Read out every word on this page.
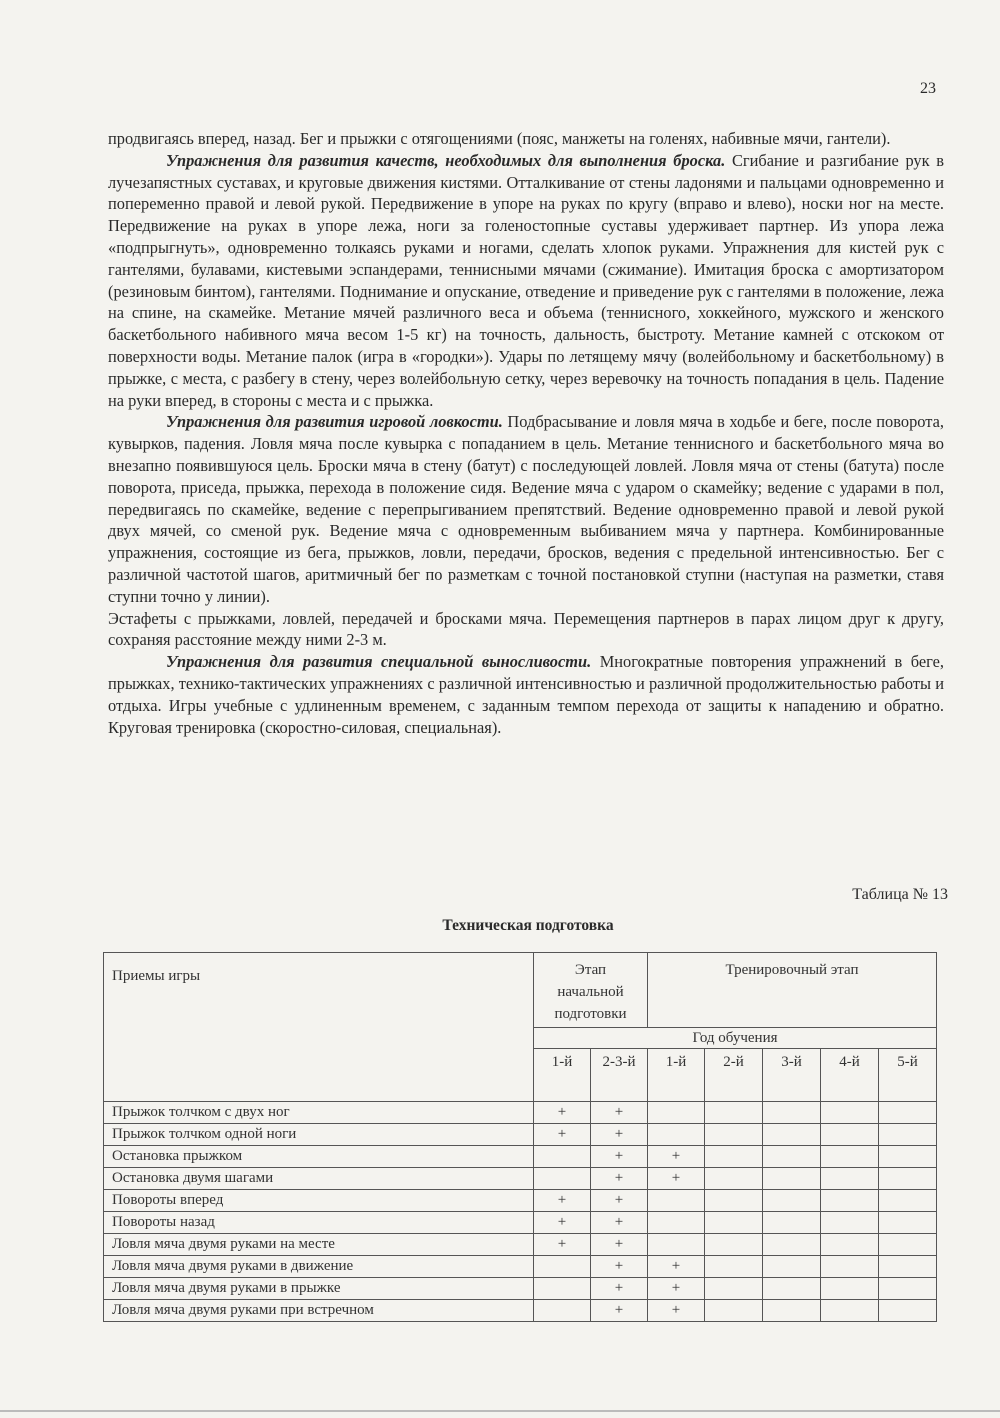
23

продвигаясь вперед, назад. Бег и прыжки с отягощениями (пояс, манжеты на голенях, набивные мячи, гантели).

Упражнения для развития качеств, необходимых для выполнения броска. Сгибание и разгибание рук в лучезапястных суставах, и круговые движения кистями. Отталкивание от стены ладонями и пальцами одновременно и попеременно правой и левой рукой. Передвижение в упоре на руках по кругу (вправо и влево), носки ног на месте. Передвижение на руках в упоре лежа, ноги за голеностопные суставы удерживает партнер. Из упора лежа «подпрыгнуть», одновременно толкаясь руками и ногами, сделать хлопок руками. Упражнения для кистей рук с гантелями, булавами, кистевыми эспандерами, теннисными мячами (сжимание). Имитация броска с амортизатором (резиновым бинтом), гантелями. Поднимание и опускание, отведение и приведение рук с гантелями в положение, лежа на спине, на скамейке. Метание мячей различного веса и объема (теннисного, хоккейного, мужского и женского баскетбольного набивного мяча весом 1-5 кг) на точность, дальность, быстроту. Метание камней с отскоком от поверхности воды. Метание палок (игра в «городки»). Удары по летящему мячу (волейбольному и баскетбольному) в прыжке, с места, с разбегу в стену, через волейбольную сетку, через веревочку на точность попадания в цель. Падение на руки вперед, в стороны с места и с прыжка.

Упражнения для развития игровой ловкости. Подбрасывание и ловля мяча в ходьбе и беге, после поворота, кувырков, падения. Ловля мяча после кувырка с попаданием в цель. Метание теннисного и баскетбольного мяча во внезапно появившуюся цель. Броски мяча в стену (батут) с последующей ловлей. Ловля мяча от стены (батута) после поворота, приседа, прыжка, перехода в положение сидя. Ведение мяча с ударом о скамейку; ведение с ударами в пол, передвигаясь по скамейке, ведение с перепрыгиванием препятствий. Ведение одновременно правой и левой рукой двух мячей, со сменой рук. Ведение мяча с одновременным выбиванием мяча у партнера. Комбинированные упражнения, состоящие из бега, прыжков, ловли, передачи, бросков, ведения с предельной интенсивностью. Бег с различной частотой шагов, аритмичный бег по разметкам с точной постановкой ступни (наступая на разметки, ставя ступни точно у линии).

Эстафеты с прыжками, ловлей, передачей и бросками мяча. Перемещения партнеров в парах лицом друг к другу, сохраняя расстояние между ними 2-3 м.

Упражнения для развития специальной выносливости. Многократные повторения упражнений в беге, прыжках, технико-тактических упражнениях с различной интенсивностью и различной продолжительностью работы и отдыха. Игры учебные с удлиненным временем, с заданным темпом перехода от защиты к нападению и обратно. Круговая тренировка (скоростно-силовая, специальная).

Таблица № 13
Техническая подготовка
Приемы игры	Этап начальной подготовки		Тренировочный этап				
	Год обучения						
	1-й	2-3-й	1-й	2-й	3-й	4-й	5-й
Прыжок толчком с двух ног	+	+					
Прыжок толчком одной ноги	+	+					
Остановка прыжком		+	+				
Остановка двумя шагами		+	+				
Повороты вперед	+	+					
Повороты назад	+	+					
Ловля мяча двумя руками на месте	+	+					
Ловля мяча двумя руками в движение		+	+				
Ловля мяча двумя руками в прыжке		+	+				
Ловля мяча двумя руками при встречном		+	+				
